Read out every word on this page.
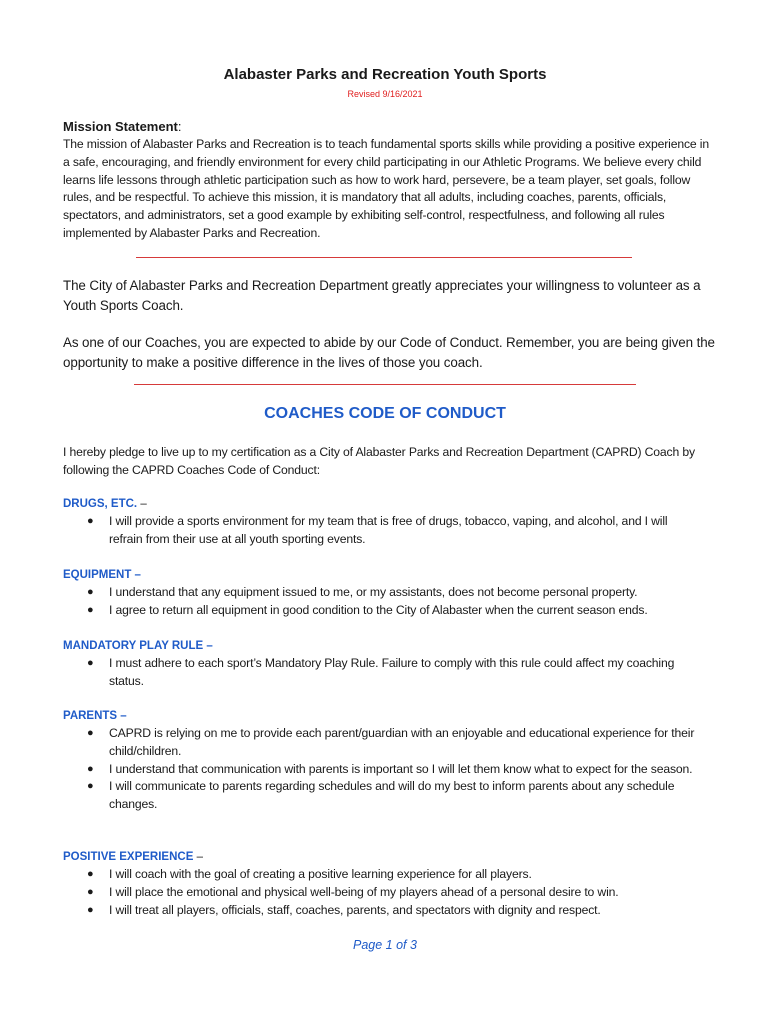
Alabaster Parks and Recreation Youth Sports
Revised 9/16/2021
Mission Statement:
The mission of Alabaster Parks and Recreation is to teach fundamental sports skills while providing a positive experience in a safe, encouraging, and friendly environment for every child participating in our Athletic Programs. We believe every child learns life lessons through athletic participation such as how to work hard, persevere, be a team player, set goals, follow rules, and be respectful. To achieve this mission, it is mandatory that all adults, including coaches, parents, officials, spectators, and administrators, set a good example by exhibiting self-control, respectfulness, and following all rules implemented by Alabaster Parks and Recreation.
The City of Alabaster Parks and Recreation Department greatly appreciates your willingness to volunteer as a Youth Sports Coach.
As one of our Coaches, you are expected to abide by our Code of Conduct. Remember, you are being given the opportunity to make a positive difference in the lives of those you coach.
COACHES CODE OF CONDUCT
I hereby pledge to live up to my certification as a City of Alabaster Parks and Recreation Department (CAPRD) Coach by following the CAPRD Coaches Code of Conduct:
DRUGS, ETC. –
● I will provide a sports environment for my team that is free of drugs, tobacco, vaping, and alcohol, and I will refrain from their use at all youth sporting events.
EQUIPMENT –
● I understand that any equipment issued to me, or my assistants, does not become personal property.
● I agree to return all equipment in good condition to the City of Alabaster when the current season ends.
MANDATORY PLAY RULE –
● I must adhere to each sport’s Mandatory Play Rule. Failure to comply with this rule could affect my coaching status.
PARENTS –
● CAPRD is relying on me to provide each parent/guardian with an enjoyable and educational experience for their child/children.
● I understand that communication with parents is important so I will let them know what to expect for the season.
● I will communicate to parents regarding schedules and will do my best to inform parents about any schedule changes.
POSITIVE EXPERIENCE –
● I will coach with the goal of creating a positive learning experience for all players.
● I will place the emotional and physical well-being of my players ahead of a personal desire to win.
● I will treat all players, officials, staff, coaches, parents, and spectators with dignity and respect.
Page 1 of 3
